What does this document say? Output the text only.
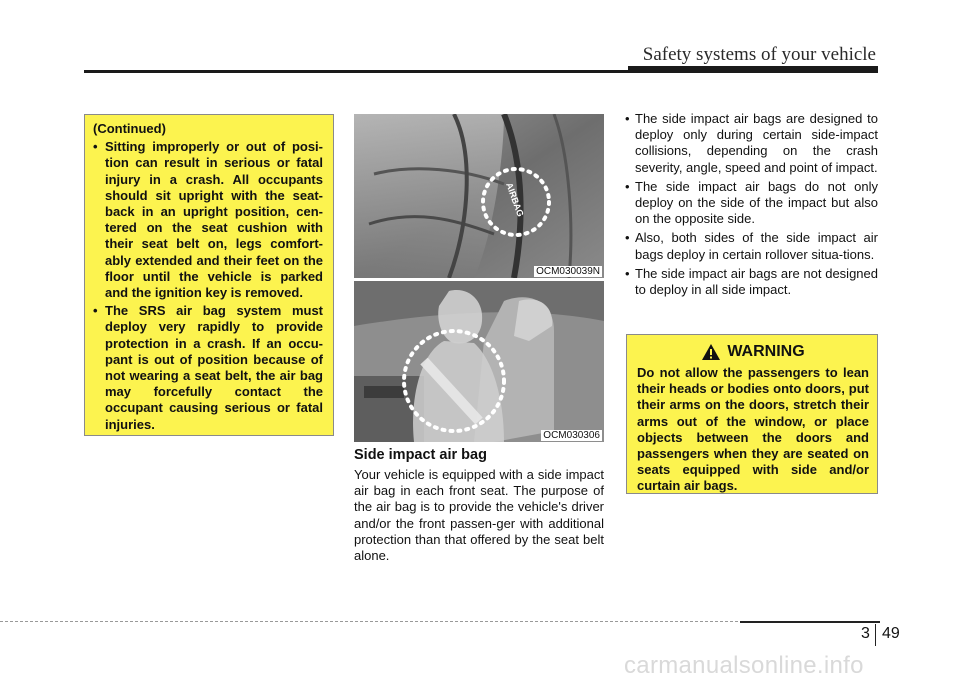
Safety systems of your vehicle
(Continued)
• Sitting improperly or out of posi-tion can result in serious or fatal injury in a crash. All occupants should sit upright with the seat-back in an upright position, cen-tered on the seat cushion with their seat belt on, legs comfort-ably extended and their feet on the floor until the vehicle is parked and the ignition key is removed.
• The SRS air bag system must deploy very rapidly to provide protection in a crash. If an occu-pant is out of position because of not wearing a seat belt, the air bag may forcefully contact the occupant causing serious or fatal injuries.
AIRBAG
OCM030039N
OCM030306
Side impact air bag
Your vehicle is equipped with a side impact air bag in each front seat. The purpose of the air bag is to provide the vehicle's driver and/or the front passen-ger with additional protection than that offered by the seat belt alone.
• The side impact air bags are designed to deploy only during certain side-impact collisions, depending on the crash severity, angle, speed and point of impact.
• The side impact air bags do not only deploy on the side of the impact but also on the opposite side.
• Also, both sides of the side impact air bags deploy in certain rollover situa-tions.
• The side impact air bags are not designed to deploy in all side impact.
WARNING
Do not allow the passengers to lean their heads or bodies onto doors, put their arms on the doors, stretch their arms out of the window, or place objects between the doors and passengers when they are seated on seats equipped with side and/or curtain air bags.
3 49
carmanualsonline.info
